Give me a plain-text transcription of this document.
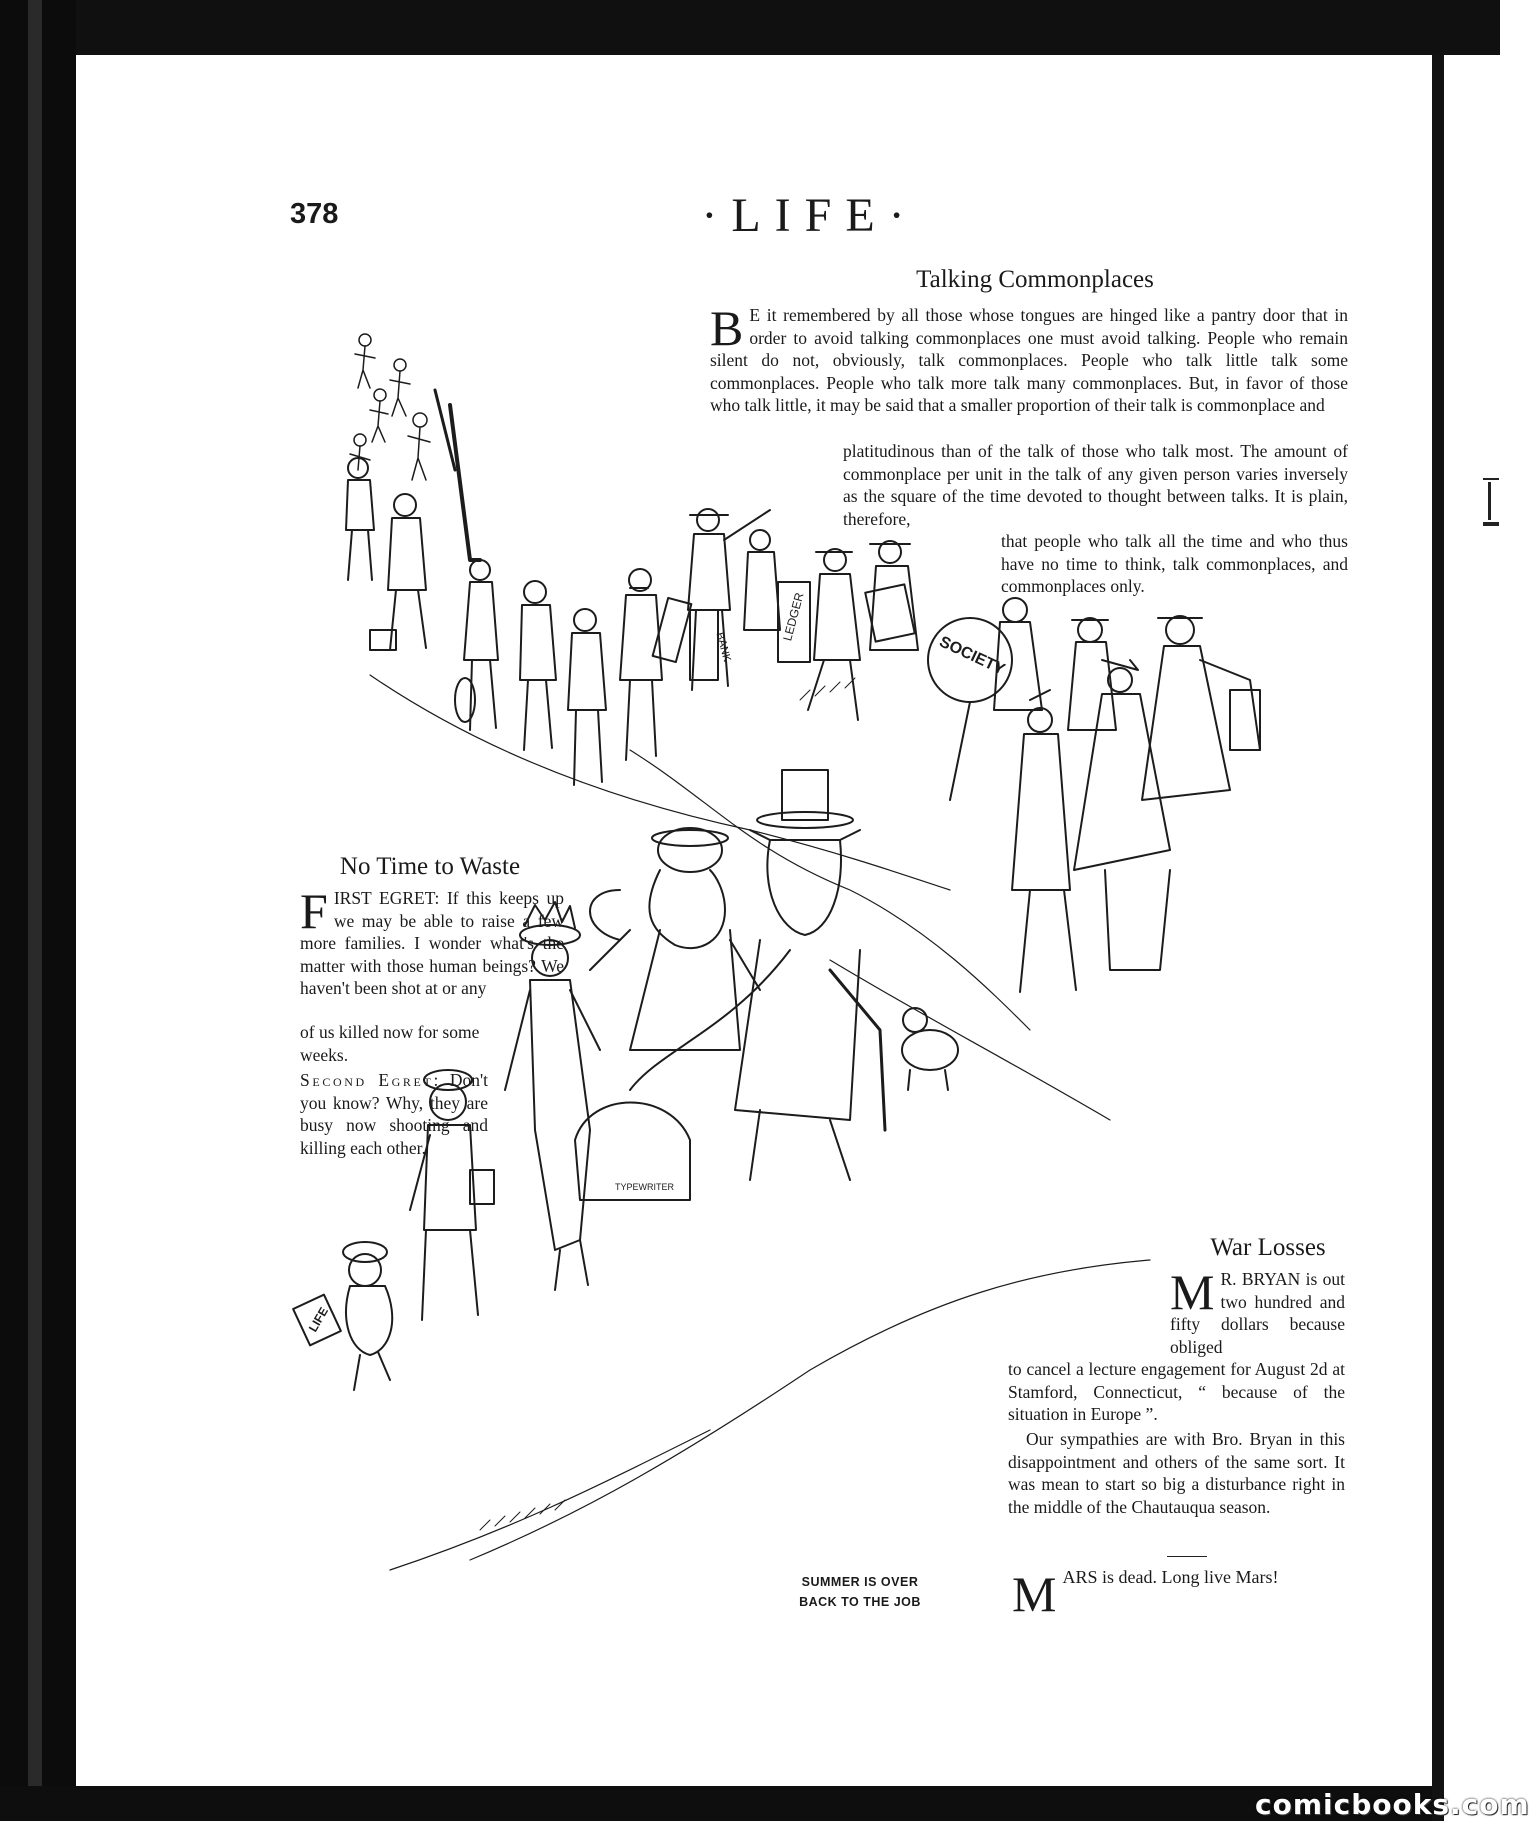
378	·LIFE·
Talking Commonplaces
B E it remembered by all those whose tongues are hinged like a pantry door that in order to avoid talking commonplaces one must avoid talking. People who remain silent do not, obviously, talk commonplaces. People who talk little talk some commonplaces. People who talk more talk many commonplaces. But, in favor of those who talk little, it may be said that a smaller proportion of their talk is commonplace and
platitudinous than of the talk of those who talk most. The amount of commonplace per unit in the talk of any given person varies inversely as the square of the time devoted to thought between talks. It is plain, therefore,
that people who talk all the time and who thus have no time to think, talk commonplaces, and commonplaces only.
No Time to Waste
FIRST EGRET: If this keeps up we may be able to raise a few more families. I wonder what's the matter with those human beings? We haven't been shot at or any
of us killed now for some weeks.
Second Egret: Don't you know? Why, they are busy now shooting and killing each other.
War Losses
M R. BRYAN is out two hundred and fifty dollars because obliged
to cancel a lecture engagement for August 2d at Stamford, Connecticut, “ because of the situation in Europe ”.
Our sympathies are with Bro. Bryan in this disappointment and others of the same sort. It was mean to start so big a disturbance right in the middle of the Chautauqua season.
MARS is dead. Long live Mars!
SUMMER IS OVER
BACK TO THE JOB
BANK
LEDGER
SOCIETY
TYPEWRITER
LIFE
comicbooks.com
